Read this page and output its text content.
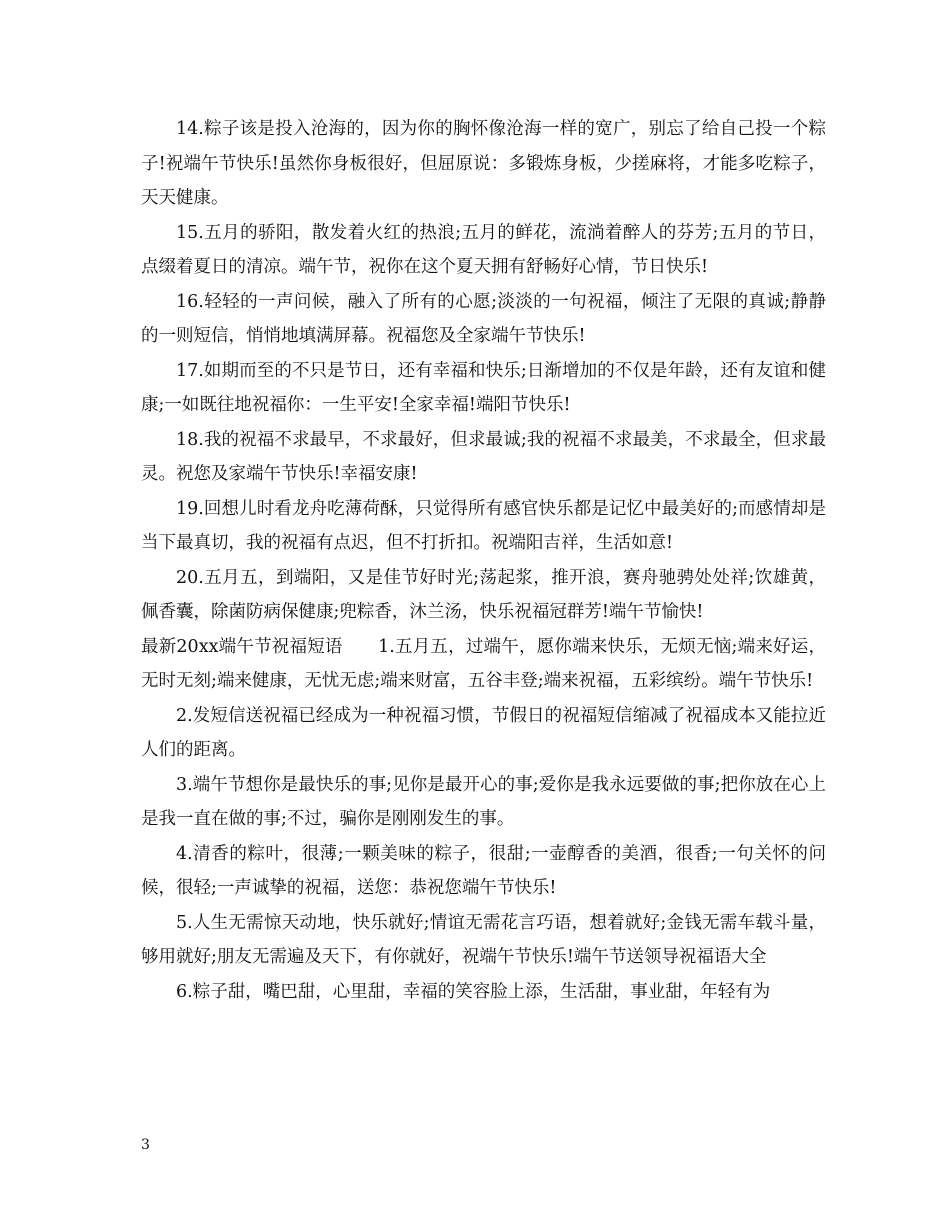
14.粽子该是投入沧海的，因为你的胸怀像沧海一样的宽广，别忘了给自己投一个粽子!祝端午节快乐!虽然你身板很好，但屈原说：多锻炼身板，少搓麻将，才能多吃粽子，天天健康。

15.五月的骄阳，散发着火红的热浪;五月的鲜花，流淌着醉人的芬芳;五月的节日，点缀着夏日的清凉。端午节，祝你在这个夏天拥有舒畅好心情，节日快乐!

16.轻轻的一声问候，融入了所有的心愿;淡淡的一句祝福，倾注了无限的真诚;静静的一则短信，悄悄地填满屏幕。祝福您及全家端午节快乐!

17.如期而至的不只是节日，还有幸福和快乐;日渐增加的不仅是年龄，还有友谊和健康;一如既往地祝福你：一生平安!全家幸福!端阳节快乐!

18.我的祝福不求最早，不求最好，但求最诚;我的祝福不求最美，不求最全，但求最灵。祝您及家端午节快乐!幸福安康!

19.回想儿时看龙舟吃薄荷酥，只觉得所有感官快乐都是记忆中最美好的;而感情却是当下最真切，我的祝福有点迟，但不打折扣。祝端阳吉祥，生活如意!

20.五月五，到端阳，又是佳节好时光;荡起浆，推开浪，赛舟驰骋处处祥;饮雄黄，佩香囊，除菌防病保健康;兜粽香，沐兰汤，快乐祝福冠群芳!端午节愉快!

最新20xx端午节祝福短语　　1.五月五，过端午，愿你端来快乐，无烦无恼;端来好运，无时无刻;端来健康，无忧无虑;端来财富，五谷丰登;端来祝福，五彩缤纷。端午节快乐!

2.发短信送祝福已经成为一种祝福习惯，节假日的祝福短信缩减了祝福成本又能拉近人们的距离。

3.端午节想你是最快乐的事;见你是最开心的事;爱你是我永远要做的事;把你放在心上是我一直在做的事;不过，骗你是刚刚发生的事。

4.清香的粽叶，很薄;一颗美味的粽子，很甜;一壶醇香的美酒，很香;一句关怀的问候，很轻;一声诚挚的祝福，送您：恭祝您端午节快乐!

5.人生无需惊天动地，快乐就好;情谊无需花言巧语，想着就好;金钱无需车载斗量，够用就好;朋友无需遍及天下，有你就好，祝端午节快乐!端午节送领导祝福语大全

6.粽子甜，嘴巴甜，心里甜，幸福的笑容脸上添，生活甜，事业甜，年轻有为

3
